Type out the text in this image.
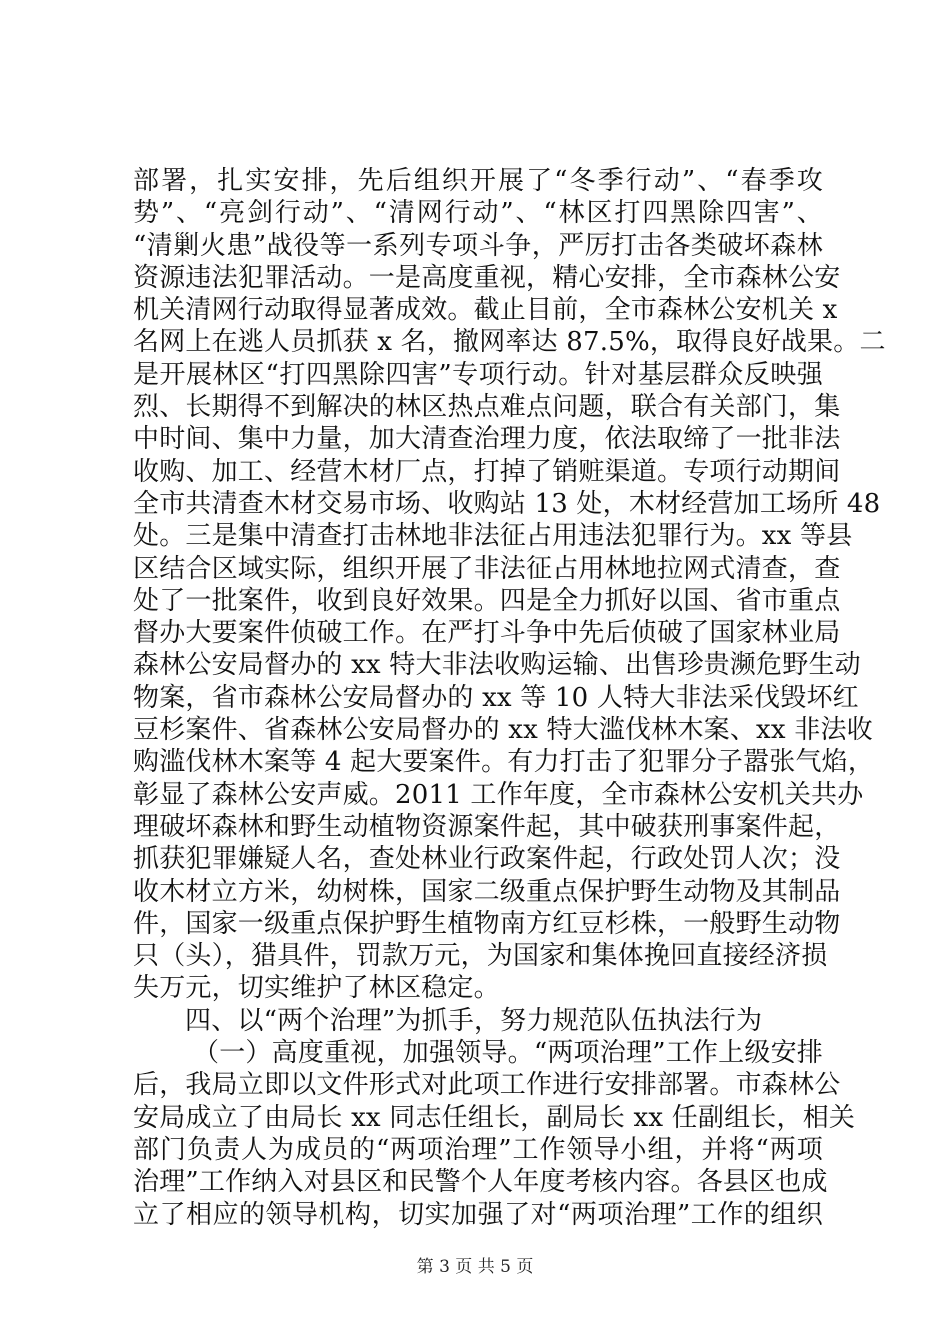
部署，扎实安排，先后组织开展了“冬季行动”、“春季攻
势”、“亮剑行动”、“清网行动”、“林区打四黑除四害”、
“清剿火患”战役等一系列专项斗争，严厉打击各类破坏森林
资源违法犯罪活动。一是高度重视，精心安排，全市森林公安
机关清网行动取得显著成效。截止目前，全市森林公安机关 x
名网上在逃人员抓获 x 名，撤网率达 87.5%，取得良好战果。二
是开展林区“打四黑除四害”专项行动。针对基层群众反映强
烈、长期得不到解决的林区热点难点问题，联合有关部门，集
中时间、集中力量，加大清查治理力度，依法取缔了一批非法
收购、加工、经营木材厂点，打掉了销赃渠道。专项行动期间
全市共清查木材交易市场、收购站 13 处，木材经营加工场所 48
处。三是集中清查打击林地非法征占用违法犯罪行为。xx 等县
区结合区域实际，组织开展了非法征占用林地拉网式清查，查
处了一批案件，收到良好效果。四是全力抓好以国、省市重点
督办大要案件侦破工作。在严打斗争中先后侦破了国家林业局
森林公安局督办的 xx 特大非法收购运输、出售珍贵濒危野生动
物案，省市森林公安局督办的 xx 等 10 人特大非法采伐毁坏红
豆杉案件、省森林公安局督办的 xx 特大滥伐林木案、xx 非法收
购滥伐林木案等 4 起大要案件。有力打击了犯罪分子嚣张气焰，
彰显了森林公安声威。2011 工作年度，全市森林公安机关共办
理破坏森林和野生动植物资源案件起，其中破获刑事案件起，
抓获犯罪嫌疑人名，查处林业行政案件起，行政处罚人次；没
收木材立方米，幼树株，国家二级重点保护野生动物及其制品
件，国家一级重点保护野生植物南方红豆杉株，一般野生动物
只（头），猎具件，罚款万元，为国家和集体挽回直接经济损
失万元，切实维护了林区稳定。
四、以“两个治理”为抓手，努力规范队伍执法行为
（一）高度重视，加强领导。“两项治理”工作上级安排
后，我局立即以文件形式对此项工作进行安排部署。市森林公
安局成立了由局长 xx 同志任组长，副局长 xx 任副组长，相关
部门负责人为成员的“两项治理”工作领导小组，并将“两项
治理”工作纳入对县区和民警个人年度考核内容。各县区也成
立了相应的领导机构，切实加强了对“两项治理”工作的组织
第 3 页 共 5 页
